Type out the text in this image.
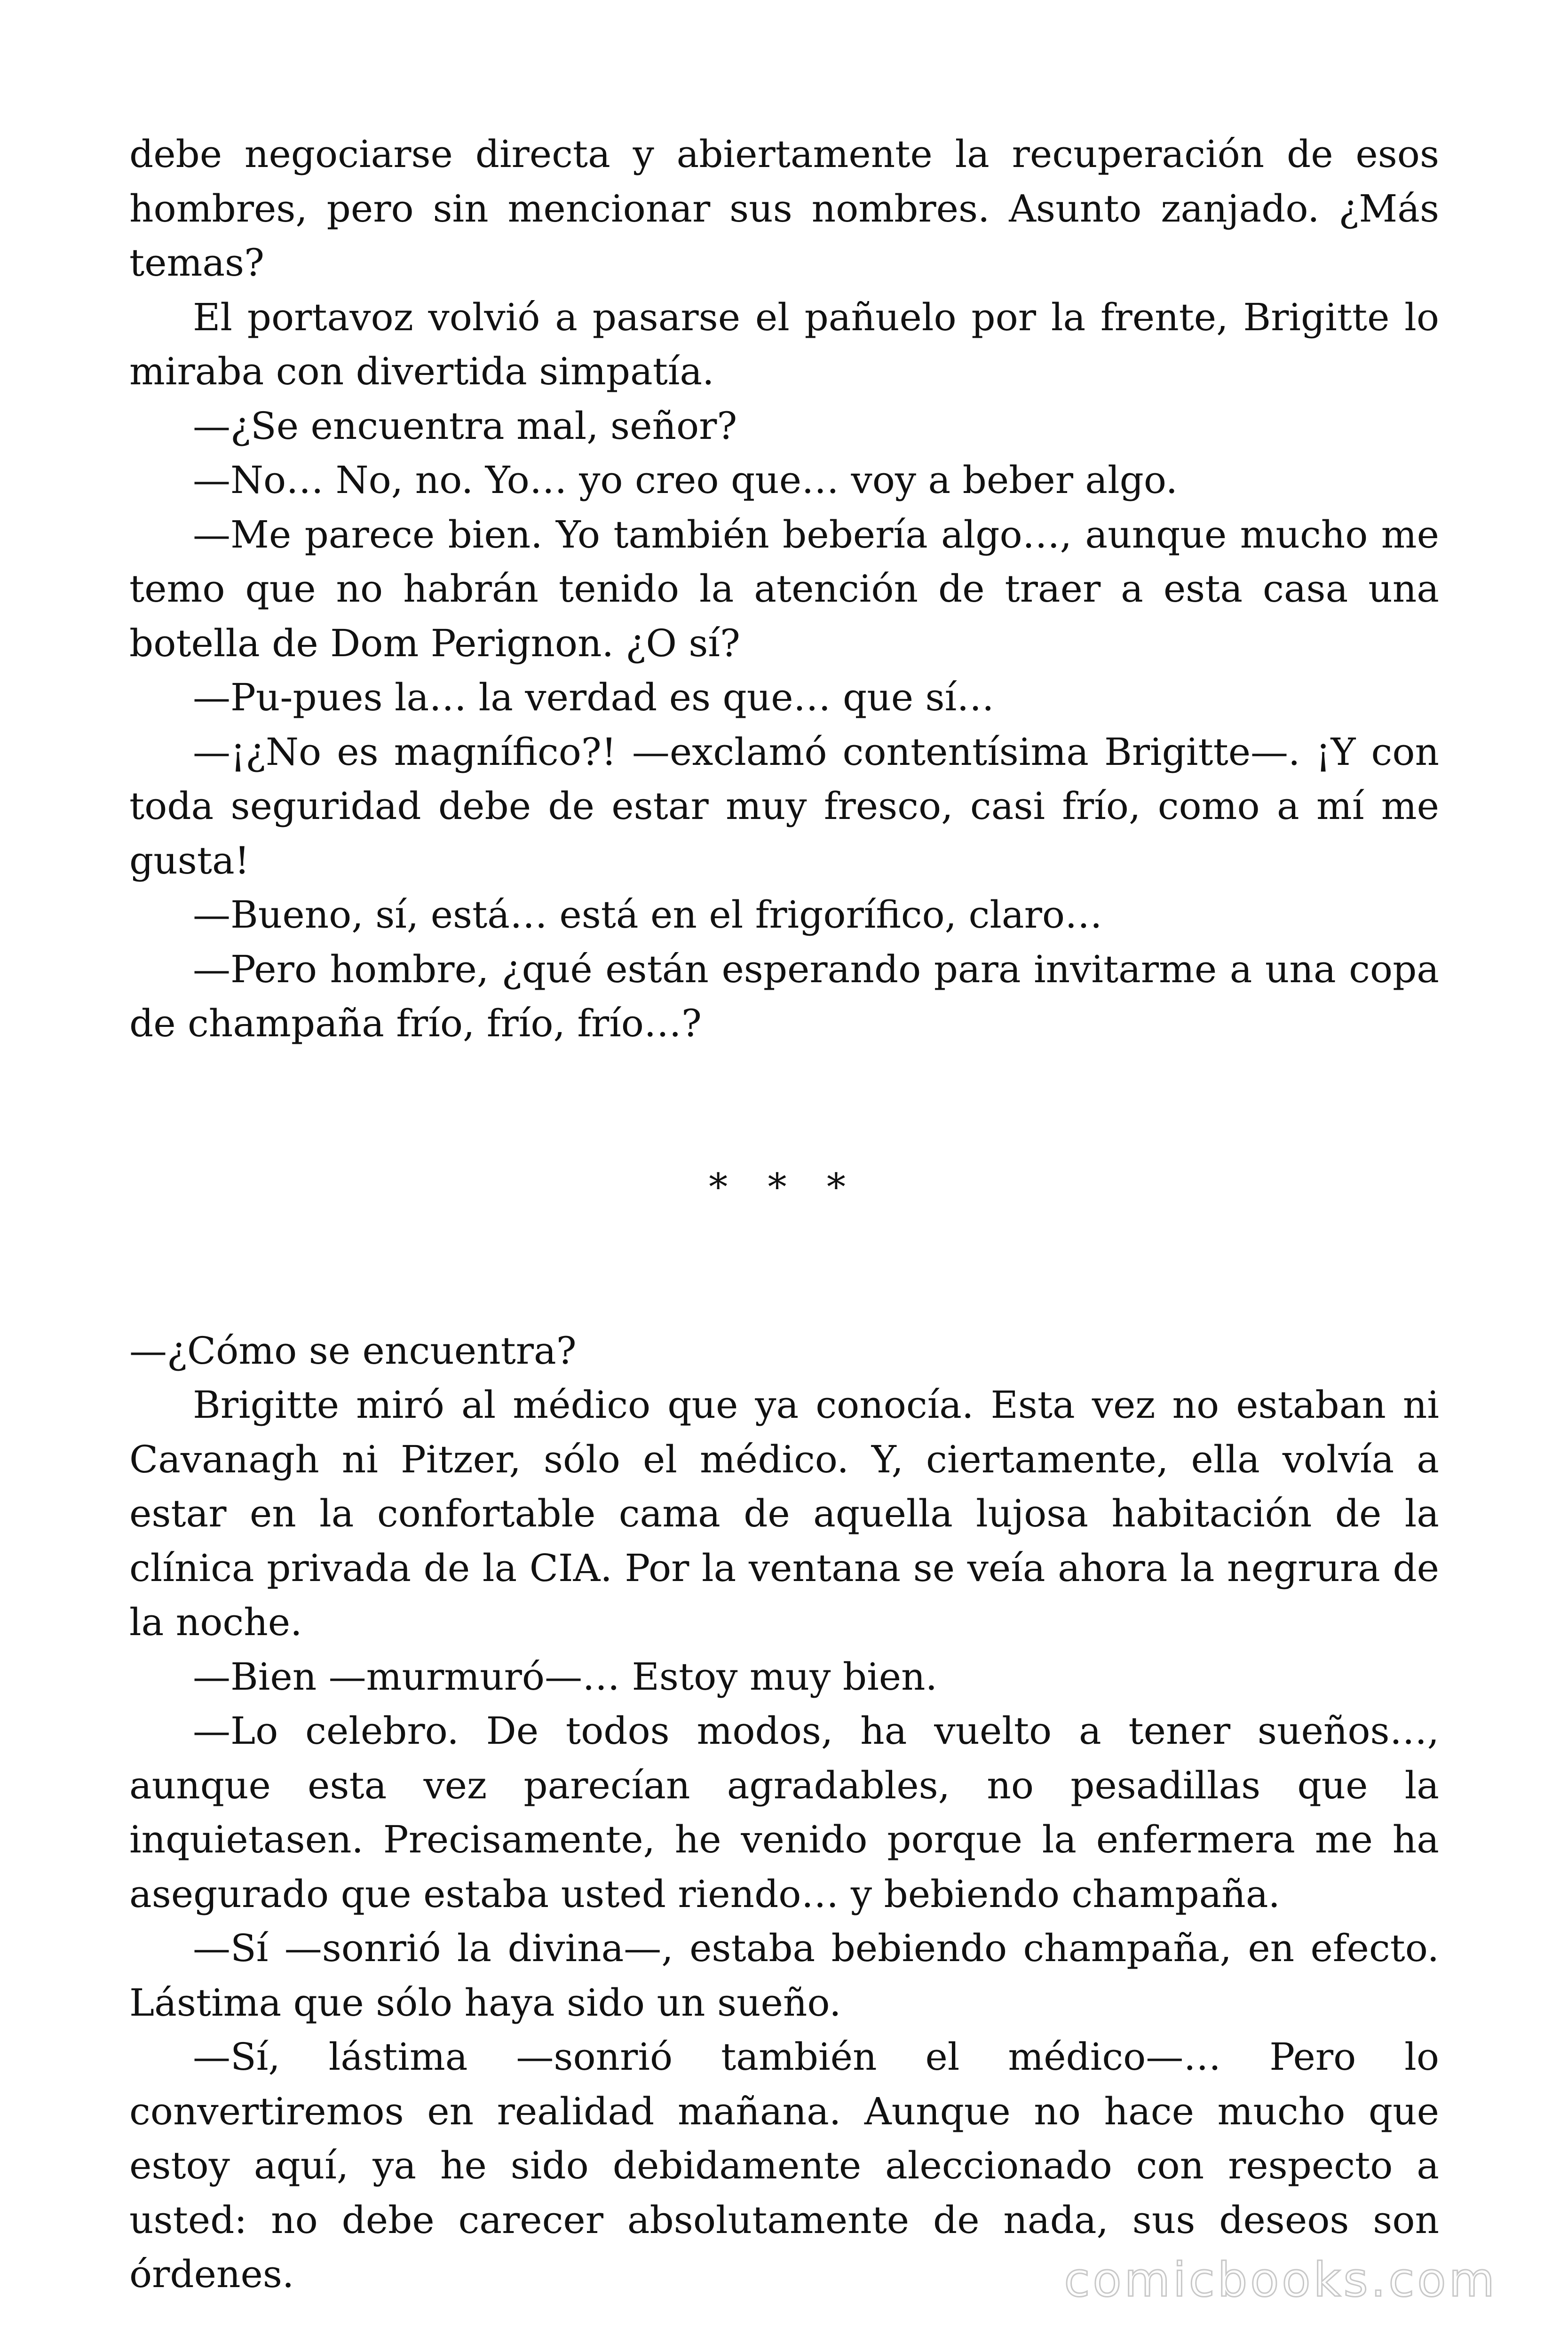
debe negociarse directa y abiertamente la recuperación de esos hombres, pero sin mencionar sus nombres. Asunto zanjado. ¿Más temas?

El portavoz volvió a pasarse el pañuelo por la frente, Brigitte lo miraba con divertida simpatía.

—¿Se encuentra mal, señor?

—No… No, no. Yo… yo creo que… voy a beber algo.

—Me parece bien. Yo también bebería algo…, aunque mucho me temo que no habrán tenido la atención de traer a esta casa una botella de Dom Perignon. ¿O sí?

—Pu-pues la… la verdad es que… que sí…

—¡¿No es magnífico?! —exclamó contentísima Brigitte—. ¡Y con toda seguridad debe de estar muy fresco, casi frío, como a mí me gusta!

—Bueno, sí, está… está en el frigorífico, claro…

—Pero hombre, ¿qué están esperando para invitarme a una copa de champaña frío, frío, frío…?

* * *

—¿Cómo se encuentra?

Brigitte miró al médico que ya conocía. Esta vez no estaban ni Cavanagh ni Pitzer, sólo el médico. Y, ciertamente, ella volvía a estar en la confortable cama de aquella lujosa habitación de la clínica privada de la CIA. Por la ventana se veía ahora la negrura de la noche.

—Bien —murmuró—… Estoy muy bien.

—Lo celebro. De todos modos, ha vuelto a tener sueños…, aunque esta vez parecían agradables, no pesadillas que la inquietasen. Precisamente, he venido porque la enfermera me ha asegurado que estaba usted riendo… y bebiendo champaña.

—Sí —sonrió la divina—, estaba bebiendo champaña, en efecto. Lástima que sólo haya sido un sueño.

—Sí, lástima —sonrió también el médico—… Pero lo convertiremos en realidad mañana. Aunque no hace mucho que estoy aquí, ya he sido debidamente aleccionado con respecto a usted: no debe carecer absolutamente de nada, sus deseos son órdenes.	comicbooks.com
